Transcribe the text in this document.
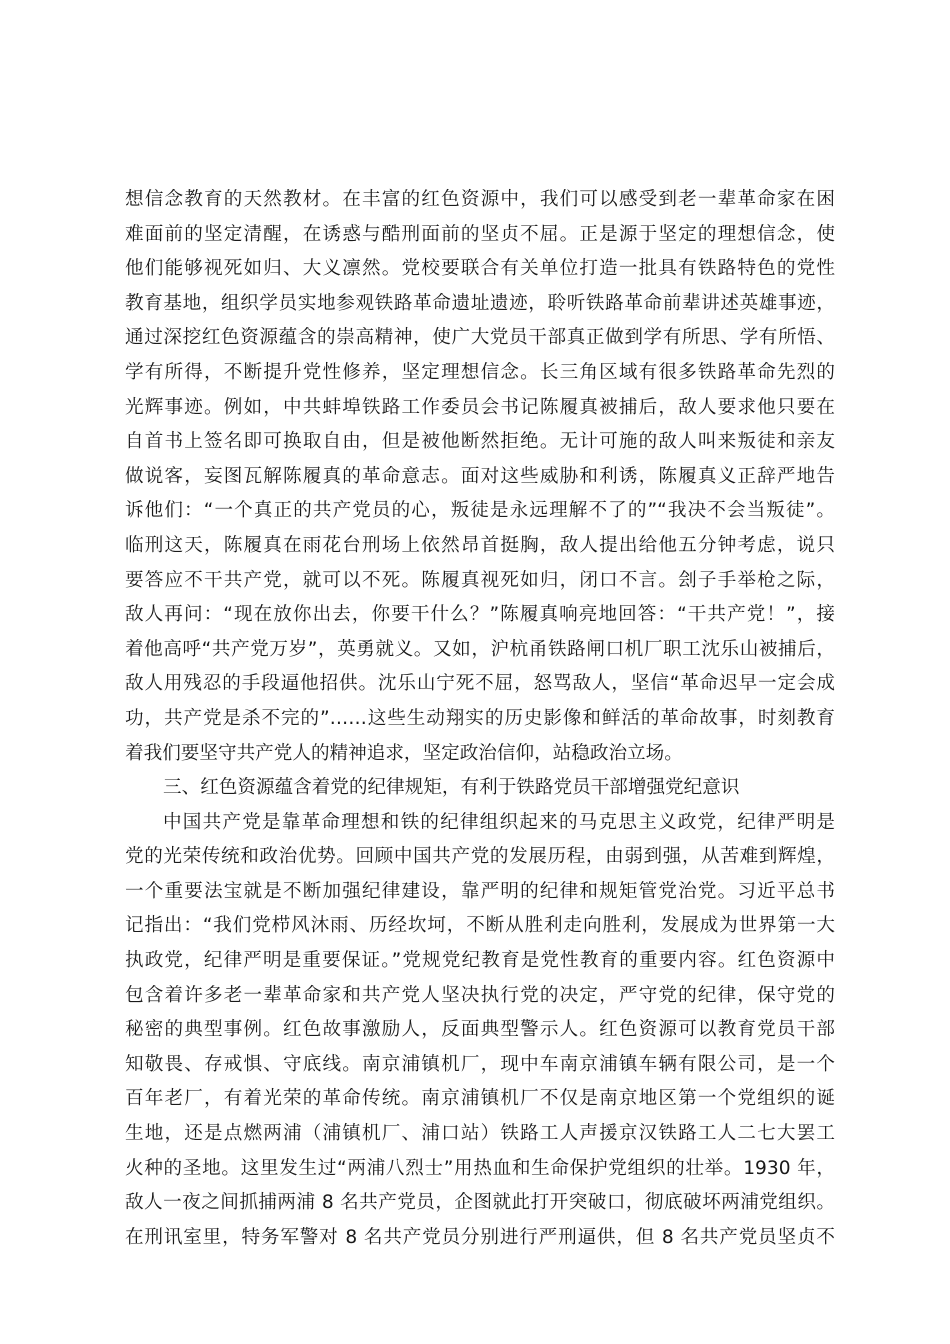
想信念教育的天然教材。在丰富的红色资源中，我们可以感受到老一辈革命家在困
难面前的坚定清醒，在诱惑与酷刑面前的坚贞不屈。正是源于坚定的理想信念，使
他们能够视死如归、大义凛然。党校要联合有关单位打造一批具有铁路特色的党性
教育基地，组织学员实地参观铁路革命遗址遗迹，聆听铁路革命前辈讲述英雄事迹，
通过深挖红色资源蕴含的崇高精神，使广大党员干部真正做到学有所思、学有所悟、
学有所得，不断提升党性修养，坚定理想信念。长三角区域有很多铁路革命先烈的
光辉事迹。例如，中共蚌埠铁路工作委员会书记陈履真被捕后，敌人要求他只要在
自首书上签名即可换取自由，但是被他断然拒绝。无计可施的敌人叫来叛徒和亲友
做说客，妄图瓦解陈履真的革命意志。面对这些威胁和利诱，陈履真义正辞严地告
诉他们：“一个真正的共产党员的心，叛徒是永远理解不了的”“我决不会当叛徒”。
临刑这天，陈履真在雨花台刑场上依然昂首挺胸，敌人提出给他五分钟考虑，说只
要答应不干共产党，就可以不死。陈履真视死如归，闭口不言。刽子手举枪之际，
敌人再问：“现在放你出去，你要干什么？”陈履真响亮地回答：“干共产党！”，接
着他高呼“共产党万岁”，英勇就义。又如，沪杭甬铁路闸口机厂职工沈乐山被捕后，
敌人用残忍的手段逼他招供。沈乐山宁死不屈，怒骂敌人，坚信“革命迟早一定会成
功，共产党是杀不完的”……这些生动翔实的历史影像和鲜活的革命故事，时刻教育
着我们要坚守共产党人的精神追求，坚定政治信仰，站稳政治立场。
三、红色资源蕴含着党的纪律规矩，有利于铁路党员干部增强党纪意识
中国共产党是靠革命理想和铁的纪律组织起来的马克思主义政党，纪律严明是
党的光荣传统和政治优势。回顾中国共产党的发展历程，由弱到强，从苦难到辉煌，
一个重要法宝就是不断加强纪律建设，靠严明的纪律和规矩管党治党。习近平总书
记指出：“我们党栉风沐雨、历经坎坷，不断从胜利走向胜利，发展成为世界第一大
执政党，纪律严明是重要保证。”党规党纪教育是党性教育的重要内容。红色资源中
包含着许多老一辈革命家和共产党人坚决执行党的决定，严守党的纪律，保守党的
秘密的典型事例。红色故事激励人，反面典型警示人。红色资源可以教育党员干部
知敬畏、存戒惧、守底线。南京浦镇机厂，现中车南京浦镇车辆有限公司，是一个
百年老厂，有着光荣的革命传统。南京浦镇机厂不仅是南京地区第一个党组织的诞
生地，还是点燃两浦（浦镇机厂、浦口站）铁路工人声援京汉铁路工人二七大罢工
火种的圣地。这里发生过“两浦八烈士”用热血和生命保护党组织的壮举。1930 年，
敌人一夜之间抓捕两浦 8 名共产党员，企图就此打开突破口，彻底破坏两浦党组织。
在刑讯室里，特务军警对 8 名共产党员分别进行严刑逼供，但 8 名共产党员坚贞不
